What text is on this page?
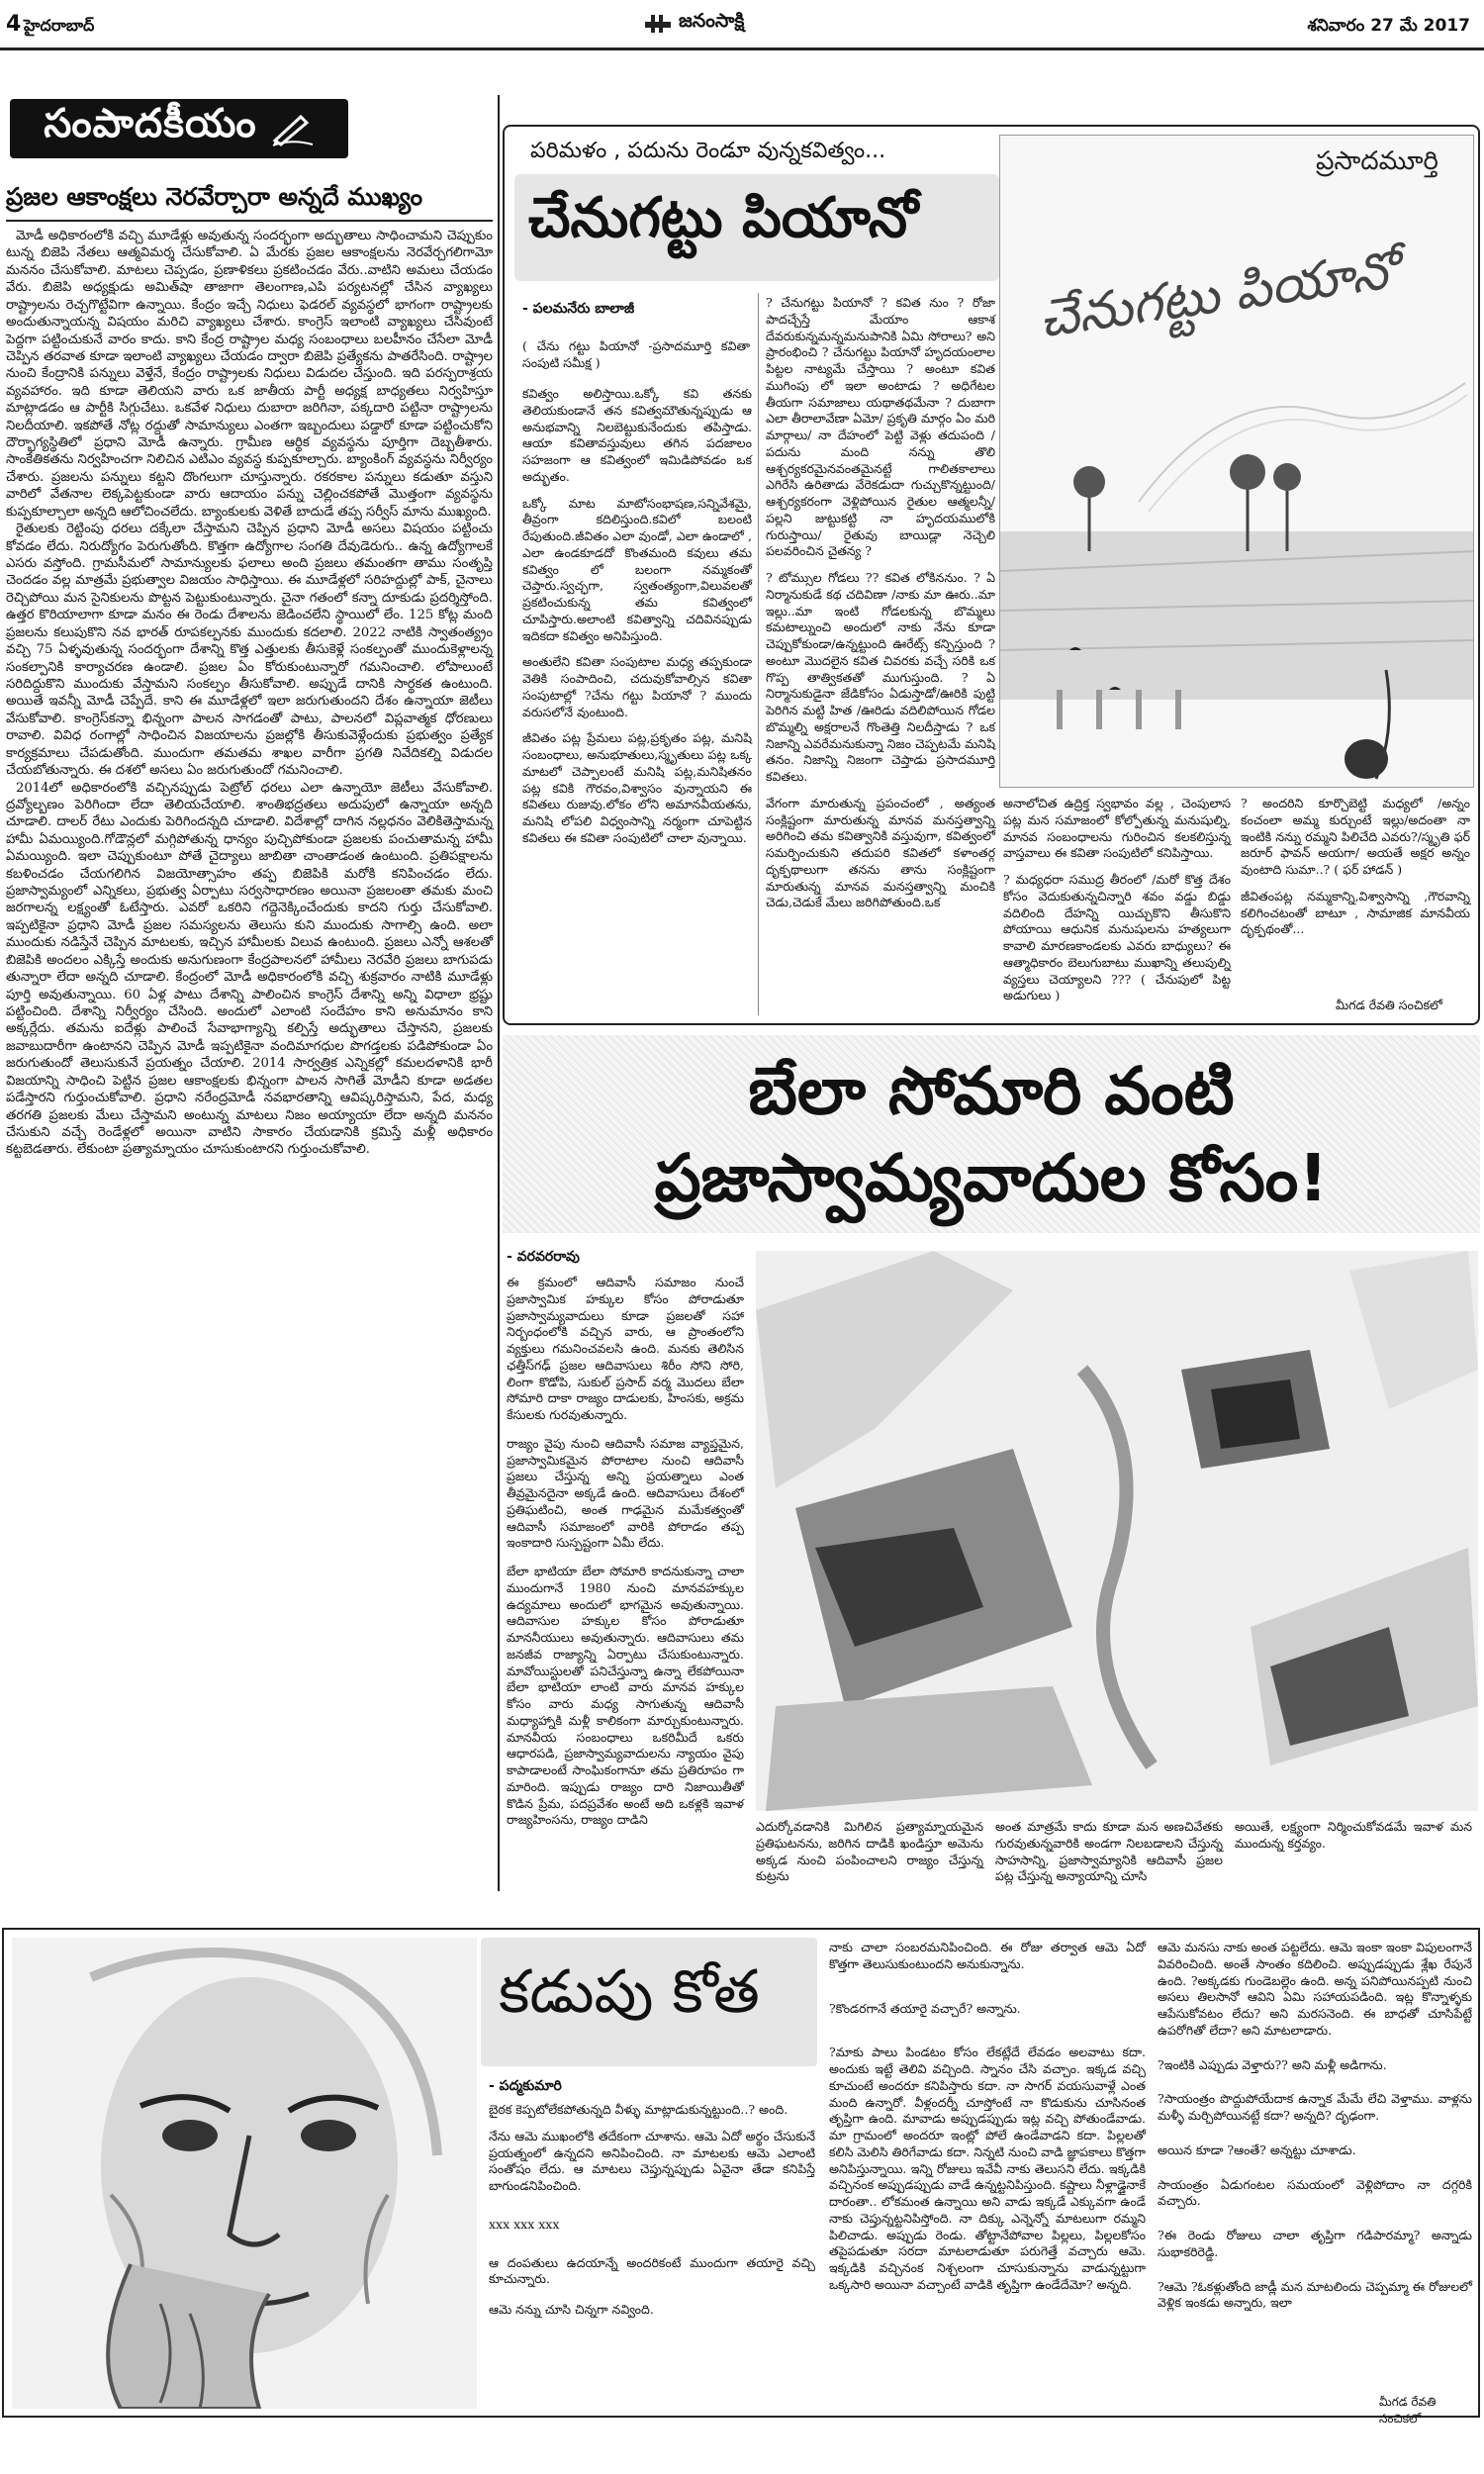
4 హైదరాబాద్‌	జనంసాక్షి	శనివారం 27 మే 2017
సంపాదకీయం
ప్రజల ఆకాంక్షలు నెరవేర్చారా అన్నదే ముఖ్యం

మోడీ అధికారంలోకి వచ్చి మూడేళ్లు అవుతున్న సందర్భంగా అద్భుతాలు సాధించామని చెప్పుకుం టున్న బిజెపి నేతలు ఆత్మవిమర్శ చేసుకోవాలి. ఏ మేరకు ప్రజల ఆకాంక్షలను నెరవేర్చగలిగామో మననం చేసుకోవాలి. మాటలు చెప్పడం, ప్రణాళికలు ప్రకటించడం వేరు..వాటిని అమలు చేయడం వేరు. బిజెపి అధ్యక్షుడు అమిత్‌షా తాజాగా తెలంగాణ,ఎపి పర్యటనల్లో చేసిన వ్యాఖ్యలు రాష్ట్రాలను రెచ్చగొట్టేవిగా ఉన్నాయి. కేంద్రం ఇచ్చే నిధులు ఫెడరల్‌ వ్యవస్థలో భాగంగా రాష్ట్రాలకు అందుతున్నాయన్న విషయం మరిచి వ్యాఖ్యలు చేశారు. కాంగ్రెస్‌ ఇలాంటి వ్యాఖ్యలు చేసివుంటే పెద్దగా పట్టించుకునే వారం కాదు. కాని కేంద్ర రాష్ట్రాల మధ్య సంబంధాలు బలహీనం చేసేలా మోడీ చెప్పిన తరవాత కూడా ఇలాంటి వ్యాఖ్యలు చేయడం ద్వారా బిజెపి ప్రత్యేకను పాతరేసింది. రాష్ట్రాల నుంచి కేంద్రానికి పన్నులు వెళ్తేనే, కేంద్రం రాష్ట్రాలకు నిధులు విడుదల చేస్తుంది. ఇది పరస్పరాశ్రయ వ్యవహారం. ఇది కూడా తెలియని వారు ఒక జాతీయ పార్టీ అధ్యక్ష బాధ్యతలు నిర్వహిస్తూ మాట్లాడడం ఆ పార్టీకి సిగ్గుచేటు. ఒకవేళ నిధులు దుబారా జరిగినా, పక్కదారి పట్టినా రాష్ట్రాలను నిలదీయాలి. ఇకపోతే నోట్ల రద్దుతో సామాన్యులు ఎంతగా ఇబ్బందులు పడ్డారో కూడా పట్టించుకోని దౌర్భాగ్యస్థితిలో ప్రధాని మోడీ ఉన్నారు. గ్రామీణ ఆర్థిక వ్యవస్థను పూర్తిగా దెబ్బతీశారు. సాంకేతికతను నిర్వహించగా నిలిచిన ఎటిఎం వ్యవస్థ కుప్పకూల్చారు. బ్యాంకింగ్‌ వ్యవస్థను నిర్వీర్యం చేశారు. ప్రజలను పన్నులు కట్టని దొంగలుగా చూస్తున్నారు. రకరకాల పన్నులు కడుతూ వస్తుని వారిలో వేతనాల లెక్కపెట్టకుండా వారు ఆదాయం పన్ను చెల్లించకపోతే మొత్తంగా వ్యవస్థను కుప్పకూల్చాలా అన్నది ఆలోచించలేదు. బ్యాంకులకు వెళితే బాదుడే తప్ప సర్వీస్‌ మాను ముఖ్యంది.

రైతులకు రెట్టింపు ధరలు దక్కేలా చేస్తామని చెప్పిన ప్రధాని మోడీ అసలు విషయం పట్టించు కోవడం లేదు. నిరుద్యోగం పెరుగుతోంది. కొత్తగా ఉద్యోగాల సంగతి దేవుడెరుగు.. ఉన్న ఉద్యోగాలకే ఎసరు వస్తోంది. గ్రామసీమలో సామాన్యులకు ఫలాలు అంది ప్రజలు తమంతగా తాము సంతృప్తి చెందడం వల్ల మాత్రమే ప్రభుత్వాల విజయం సాధిస్తాయి. ఈ మూడేళ్లలో సరిహద్దుల్లో పాక్‌, చైనాలు రెచ్చిపోయి మన సైనికులను పొట్టన పెట్టుకుంటున్నారు. చైనా గతంలో కన్నా దూకుడు ప్రదర్శిస్తోంది. ఉత్తర కొరియాలాగా కూడా మనం ఈ రెండు దేశాలను జెడించలేని స్థాయిలో లేం. 125 కోట్ల మంది ప్రజలను కలుపుకొని నవ భారత్‌ రూపకల్పనకు ముందుకు కదలాలి. 2022 నాటికి స్వాతంత్య్రం వచ్చి 75 ఏళ్ళవుతున్న సందర్భంగా దేశాన్ని కొత్త ఎత్తులకు తీసుకెళ్లే సంకల్పంతో ముందుకెళ్లాలన్న సంకల్పానికి కార్యాచరణ ఉండాలి. ప్రజల ఏం కోరుకుంటున్నారో గమనించాలి. లోపాలుంటే సరిదిద్దుకొని ముందుకు వేస్తామని సంకల్పం తీసుకోవాలి. అప్పుడే దానికి సార్థకత ఉంటుంది. అయితే ఇవన్నీ మోడీ చెప్పేదే. కాని ఈ మూడేళ్లలో ఇలా జరుగుతుందని దేశం ఉన్నాయా జెటీలు వేసుకోవాలి. కాంగ్రెస్‌కన్నా భిన్నంగా పాలన సాగడంతో పాటు, పాలనలో విప్లవాత్మక ధోరణులు రావాలి. వివిధ రంగాల్లో సాధించిన విజయాలను ప్రజల్లోకి తీసుకువెళ్లేందుకు ప్రభుత్వం ప్రత్యేక కార్యక్రమాలు చేపడుతోంది. ముందుగా తమతమ శాఖల వారీగా ప్రగతి నివేదికల్ని విడుదల చేయబోతున్నారు. ఈ దశలో అసలు ఏం జరుగుతుందో గమనించాలి.

2014లో అధికారంలోకి వచ్చినప్పుడు పెట్రోల్‌ ధరలు ఎలా ఉన్నాయో జెటీలు వేసుకోవాలి. ద్రవ్యోల్బణం పెరిగిందా లేదా తెలియచేయాలి. శాంతిభద్రతలు అదుపులో ఉన్నాయా అన్నది చూడాలి. దాలర్‌ రేటు ఎందుకు పెరిగిందన్నది చూడాలి. విదేశాల్లో దాగిన నల్లధనం వెలికితెస్తామన్న హామీ ఏమయ్యింది.గోడౌన్లలో మగ్గిపోతున్న ధాన్యం పుచ్చిపోకుండా ప్రజలకు పంచుతామన్న హామీ ఏమయ్యింది. ఇలా చెప్పుకుంటూ పోతే చైద్యాలు జాబితా చాంతాడంత ఉంటుంది. ప్రతిపక్షాలను కబళించడం చేయగలిగిన విజయోత్సాహం తప్ప బిజెపికి మరోకి కనిపించడం లేదు. ప్రజాస్వామ్యంలో ఎన్నికలు, ప్రభుత్వ ఏర్పాటు సర్వసాధారణం అయినా ప్రజలంతా తమకు మంచి జరగాలన్న లక్ష్యంతో ఓటేస్తారు. ఎవరో ఒకరిని గద్దెనెక్కించేందుకు కాదని గుర్తు చేసుకోవాలి. ఇప్పటికైనా ప్రధాని మోడీ ప్రజల సమస్యలను తెలుసు కుని ముందుకు సాగాల్సి ఉంది. అలా ముందుకు నడిస్తేనే చెప్పిన మాటలకు, ఇచ్చిన హామీలకు విలువ ఉంటుంది. ప్రజలు ఎన్నో ఆశలతో బిజెపికి అందలం ఎక్కిస్తే అందుకు అనుగుణంగా కేంద్రపాలనలో హామీలు నెరవేరి ప్రజలు బాగుపడు తున్నారా లేదా అన్నది చూడాలి. కేంద్రంలో మోడీ అధికారంలోకి వచ్చి శుక్రవారం నాటికి మూడేళ్లు పూర్తి అవుతున్నాయి. 60 ఏళ్ల పాటు దేశాన్ని పాలించిన కాంగ్రెస్‌ దేశాన్ని అన్ని విధాలా భ్రష్టు పట్టించింది. దేశాన్ని నిర్వీర్యం చేసింది. అందులో ఎలాంటి సందేహం కాని అనుమానం కాని అక్కర్లేదు. తమను ఐదేళ్లు పాలించే సేవాభాగ్యాన్ని కల్పిస్తే అద్భుతాలు చేస్తానని, ప్రజలకు జవాబుదారీగా ఉంటానని చెప్పిన మోడీ ఇప్పటికైనా వందిమాగధుల పొగడ్తలకు పడిపోకుండా ఏం జరుగుతుందో తెలుసుకునే ప్రయత్నం చేయాలి. 2014 సార్వత్రిక ఎన్నికల్లో కమలదళానికి భారీ విజయాన్ని సాధించి పెట్టిన ప్రజల ఆకాంక్షలకు భిన్నంగా పాలన సాగితే మోడీని కూడా అడతల పడేస్తారని గుర్తుంచుకోవాలి. ప్రధాని నరేంద్రమోడీ నవభారతాన్ని ఆవిష్కరిస్తామని, పేద, మధ్య తరగతి ప్రజలకు మేలు చేస్తామని అంటున్న మాటలు నిజం అయ్యాయా లేదా అన్నది మననం చేసుకుని వచ్చే రెండేళ్లలో అయినా వాటిని సాకారం చేయడానికి క్రమిస్తే మళ్లీ అధికారం కట్టబెడతారు. లేకుంటా ప్రత్యామ్నాయం చూసుకుంటారని గుర్తుంచుకోవాలి.

పరిమళం , పదును రెండూ వున్నకవిత్వం...
చేనుగట్టు పియానో
ప్రసాదమూర్తి
చేనుగట్టు పియానో
- పలమనేరు బాలాజీ
( చేను గట్టు పియానో -ప్రసాదమూర్తి కవితా సంపుటి సమీక్ష )

కవిత్వం అలిస్తాయి.ఒక్కో కవి తనకు తెలియకుండానే తన కవిత్వమౌతున్నప్పుడు ఆ అనుభవాన్ని నిలబెట్టుకునేందుకు తపిస్తాడు. ఆయా కవితావస్తువులు తగిన పదజాలం సహజంగా ఆ కవిత్వంలో ఇమిడిపోవడం ఒక అద్భుతం.

ఒక్కో మాట మాటోసంభాషణ,సన్నివేశమై, తీవ్రంగా కదిలిస్తుంది.కవిలో బలంటి రేపుతుంది.జీవితం ఎలా వుండో, ఎలా ఉండాలో , ఎలా ఉండకూడదో కొంతమంది కవులు తమ కవిత్వం లో బలంగా నమ్మకంతో చెప్తారు.స్వచ్ఛగా, స్వతంత్యంగా,విలువలతో ప్రకటించుకున్న తమ కవిత్వంలో చూపిస్తారు.అలాంటి కవిత్వాన్ని చదివినప్పుడు ఇదికదా కవిత్వం అనిపిస్తుంది.

అంతులేని కవితా సంపుటాల మధ్య తప్పకుండా వెతికి సంపాదించి, చదువుకోవాల్సిన కవితా సంపుటాల్లో ?చేను గట్టు పియానో ? ముందు వరుసలోనే వుంటుంది.

జీవితం పట్ల ప్రేమలు పట్ల,ప్రకృతం పట్ల, మనిషి సంబంధాలు, అనుభూతులు,స్మృతులు పట్ల ఒక్క మాటలో చెప్పాలంటే మనిషి పట్ల,మనిషితనం పట్ల కవికి గౌరవం,విశ్వాసం వున్నాయని ఈ కవితలు రుజువు.లోకం లోని అమానవీయతను, మనిషి లోపలి విధ్వంసాన్ని నర్మంగా చూపెట్టిన కవితలు ఈ కవితా సంపుటిలో చాలా వున్నాయి.

? చేనుగట్టు పియానో ? కవిత నుం ? రోజా పాదచ్చేస్తే మేయాం ఆకాశ దేవరుకున్నమన్నమనుపానికి ఏమి సోరాలు? అని ప్రారంభించి ? చేనుగట్టు పియానో హృదయంలాల పిట్టల నాట్యమే చేస్తాయి ? అంటూ కవిత ముగింపు లో ఇలా అంటాడు ? అధిగేటల తీయగా సమాజాలు యథాతథమేనా ? దుబాగా ఎలా తీరాలావేణా ఏమో/ ప్రకృతి మార్గం ఏం మరి మార్గాలు/ నా దేహంలో పెట్టి వెళ్లు తదుపంది / పదును మంది నన్ను తొలి ఆశ్చర్యకరమైనవంతమైనట్టే గాలితకాలాలు ఎగిరేసి ఉరితాడు వేరెకడుదా గుచ్చుకొన్నట్టుంది/ఆశ్చర్యకరంగా వెళ్లిపోయిన రైతుల ఆత్మలన్నీ/ పల్లని జుట్టుకట్టి నా హృదయములోకి గురుస్తాయి/ రైతువు బాయిడ్లా నెచ్చెలి పలవరించిన చైతన్య ?

? టోమ్సుల గోడలు ?? కవిత లోకిననుం. ? ఏ నిర్మానుకుడే కథ చదివిణా /నాకు మా ఊరు..మా ఇల్లు..మా ఇంటి గోడలకున్న బొమ్మలు కమటాల్నుంచి అందులో నాకు నేను కూడా చెప్పుకోకుండా/ఉన్నట్టుంది ఊరేట్స్‌ కన్పిస్తుంది ? అంటూ మొదలైన కవిత చివరకు వచ్చే సరికి ఒక గొప్ప తాత్వికతతో ముగుస్తుంది. ? ఏ నిర్మానుకుడైనా జేడికోసం ఏడుస్తాడో/ఊరికి పుట్టి పెరిగిన మట్టి హిత /ఊరిడు వదిలిపోయిన గోడల బొమ్మల్ని అక్షరాలనే గొంతెత్తి నిలదీస్తాడు ? ఒక నిజాన్ని ఎవరేమనుకున్నా నిజం చెప్పటమే మనిషి తనం. నిజాన్ని నిజంగా చెప్తాడు ప్రసాదమూర్తి కవితలు.

వేగంగా మారుతున్న ప్రపంచంలో , అత్యంత సంక్లిష్టంగా మారుతున్న మానవ మనస్తత్వాన్ని అరిగించి తమ కవిత్వానికి వస్తువుగా, కవిత్వంలో సమర్పించుకుని తదుపరి కవితలో కళాంతర్గ దృక్పథాలుగా తనను తాను సంక్లిష్టంగా మారుతున్న మానవ మనస్తత్వాన్ని మంచికి చెడు,చెడుకే మేలు జరిగిపోతుంది.ఒక

అనాలోచిత ఉద్రిక్త స్వభావం వల్ల , చెంపులాస పట్ల మన సమాజంలో కోల్పోతున్న మనుషుల్ని, మానవ సంబంధాలను గురించిన కలకలిస్తున్న వాస్తవాలు ఈ కవితా సంపుటిలో కనిపిస్తాయి.

? మధ్యధరా సముద్ర తీరంలో /మరో కొత్త దేశం కోసం వెదుకుతున్నచిన్నారి శవం వడ్డు బిడ్డు వదిలింది దేహన్ని యిచ్చుకొని తీసుకొని పోయాయి ఆధునిక మనుషులను హత్యలుగా కావాలి మారణకాండలకు ఎవరు బాధ్యులు? ఈ ఆత్మాధికారం బెలుగుబాటు ముఖాన్ని తలుపుల్ని వ్యస్తలు చెయ్యాలని ??? ( చేనుపులో పిట్ట అడుగులు )

? అందరిని కూర్చొబెట్టి మధ్యలో /అన్నం కంచంలా అమ్మ కుర్చుంటే ఇల్లు/అదంతా నా ఇంటికి నన్ను రమ్మని పిలిచేది ఎవరు?/స్మృతి ఫర్‌ జరూర్‌ ఫావన్‌ అయగా/ అయతే అక్షర అన్నం వుంటాది సుమా..? ( ఫర్‌ హాడన్‌ )

జీవితంపట్ల నమ్మకాన్ని,విశ్వాసాన్ని ,గౌరవాన్ని కలిగించటంతో బాటూ , సామాజిక మానవీయ దృక్పథంతో...

మీగడ రేవతి సంచికలో
బేలా సోమారి వంటి
ప్రజాస్వామ్యవాదుల కోసం!
- వరవరరావు

ఈ క్రమంలో ఆదివాసీ సమాజం నుంచే ప్రజాస్వామిక హక్కుల కోసం పోరాడుతూ ప్రజాస్వామ్యవాదులు కూడా ప్రజలతో సహా నిర్బంధంలోకి వచ్చిన వారు, ఆ ప్రాంతంలోని వ్యక్తులు గమనించవలసి ఉంది. మనకు తెలిసిన ఛత్తీస్‌గఢ్‌ ప్రజల ఆదివాసులు శిరీం సోని సోరి, లింగా కొడోపి, సుకుల్‌ ప్రసాద్‌ వర్మ మొదలు బేలా సోమారి దాకా రాజ్యం దాడులకు, హింసకు, అక్రమ కేసులకు గురవుతున్నారు.

రాజ్యం వైపు నుంచి ఆదివాసీ సమాజ వ్యాప్తమైన, ప్రజాస్వామికమైన పోరాటాల నుంచి ఆదివాసీ ప్రజలు చేస్తున్న అన్ని ప్రయత్నాలు ఎంత తీవ్రమైనదైనా అక్కడే ఉంది. ఆదివాసులు దేశంలో ప్రతిఘటించి, అంత గాఢమైన మమేకత్వంతో ఆదివాసీ సమాజంలో వారికి పోరాడం తప్ప ఇంకాదారి సుస్పష్టంగా ఏమీ లేదు.

బేలా భాటియా బేలా సోమారి కాదనుకున్నా చాలా ముందుగానే 1980 నుంచి మానవహక్కుల ఉద్యమాలు అందులో భాగమైన అవుతున్నాయి. ఆదివాసుల హక్కుల కోసం పోరాడుతూ మాననీయులు అవుతున్నారు. ఆదివాసులు తమ జనజీవ రాజ్యాన్ని ఏర్పాటు చేసుకుంటున్నారు. మావోయిస్టులతో పనిచేస్తున్నా ఉన్నా లేకపోయినా బేలా భాటియా లాంటి వారు మానవ హక్కుల కోసం వారు మధ్య సాగుతున్న ఆదివాసీ మధ్యాహ్నాకి మళ్లీ కాలికంగా మార్చుకుంటున్నారు. మానవీయ సంబంధాలు ఒకరిమీదే ఒకరు ఆధారపడి, ప్రజాస్వామ్యవాదులను న్యాయం వైపు కాపాడాలంటే సాంఘికంగానూ తమ ప్రతిరూపం గా మారింది. ఇప్పుడు రాజ్యం దారి నిజాయితీతో కొడిన ప్రేమ, పదప్రవేశం అంటే అది ఒకళ్లకి ఇవాళ రాజ్యహింసను, రాజ్యం దాడిని	ఎదుర్కోవడానికి మిగిలిన ప్రత్యామ్నాయమైన ప్రతిఘటనను, జరిగిన దాడికి ఖండిస్తూ అమెను అక్కడ నుంచి పంపించాలని రాజ్యం చేస్తున్న కుట్రను

అంత మాత్రమే కాదు కూడా మన అణచివేతకు గురవుతున్నవారికి అండగా నిలబడాలని చేస్తున్న సాహసాన్ని, ప్రజాస్వామ్యానికి ఆదివాసీ ప్రజల పట్ల చేస్తున్న అన్యాయాన్ని చూసి

అయితే, లక్ష్యంగా నిర్మించుకోవడమే ఇవాళ మన ముందున్న కర్తవ్యం.

కడుపు కోత
- పద్మకుమారి

బైఠక కెప్పటోలేకపోతున్నది వీళ్ళు మాట్లాడుకున్నట్టుంది..? అంది.

నేను ఆమె ముఖంలోకి తదేకంగా చూశాను. ఆమె ఏదో అర్థం చేసుకునే ప్రయత్నంలో ఉన్నదని అనిపించింది. నా మాటలకు ఆమె ఎలాంటి సంతోషం లేదు. ఆ మాటలు చెప్తున్నప్పుడు ఏవైనా తేడా కనిపిస్తే బాగుండనిపించింది.

xxx xxx xxx

ఆ దంపతులు ఉదయాన్నే అందరికంటే ముందుగా తయారై వచ్చి కూచున్నారు.

ఆమె నన్ను చూసి చిన్నగా నవ్వింది.

నాకు చాలా సంబరమనిపించింది. ఈ రోజు తర్వాత ఆమె ఏదో కొత్తగా తెలుసుకుంటుందని అనుకున్నాను.

?కొండరగానే తయారై వచ్చారే? అన్నాను.

?మాకు పాలు పిండటం కోసం లేకట్లేదే లేవడం అలవాటు కదా. అందుకు ఇట్టే తెలివి వచ్చింది. స్నానం చేసి వచ్చాం. ఇక్కడ వచ్చి కూచుంటే అందరూ కనిపిస్తారు కదా. నా సాగర్‌ వయసువాళ్లే ఎంత మంది ఉన్నారో. వీళ్లందర్నీ చూస్తోంటే నా కొడుకును చూసినంత తృప్తిగా ఉంది. మావాడు అప్పుడప్పుడు ఇట్ల వచ్చి పోతుండేవాడు. మా గ్రామంలో అందరూ ఇంట్లో పోలే ఉండేవాడని కదా. పిల్లలతో కలిసి మెలిసి తిరిగేవాడు కదా. నిన్నటి నుంచి వాడి జ్ఞాపకాలు కొత్తగా అనిపిస్తున్నాయి. ఇన్ని రోజులు ఇవేవీ నాకు తెలుసని లేదు. ఇక్కడికి వచ్చినంక అప్పుడప్పుడు వాడే ఉన్నట్టనిపిస్తుంది. కష్టాలు నీళ్లాడ్డైనాకే దారంతా.. లోకమంత ఉన్నాయి అని వాడు ఇక్కడే ఎక్కువగా ఉండే నాకు చెప్తున్నట్టనిపిస్తోంది. నా దిక్కు ఎన్నెన్నో మాటలుగా రమ్మని పిలిచాడు. అప్పుడు రెండు. తోట్టానేపోవాల పిల్లలు, పిల్లలకోసం తపైపడుతూ సరదా మాటలాడుతూ పరుగెత్తే వచ్చారు ఆమె. ఇక్కడికి వచ్చినంక నిశ్చలంగా చూసుకున్నాను వాడున్నట్టుగా ఒక్కసారి అయినా వచ్చాంటే వాడికి తృప్తిగా ఉండేదేమో? అన్నది.

ఆమె మనసు నాకు అంత పట్టలేదు. ఆమె ఇంకా ఇంకా విపులంగానే వివరించింది. అంతే సాంతం కదిలించి. అప్పుడప్పుడు శ్లేఖ రేపునే ఉంది. ?అక్కడకు గుండెబల్లెం ఉంది. అన్న పనిపోయినప్పటి నుంచి అసలు తిలసానో ఆవిని ఏమి సహాయపడింది. ఇట్ల కొన్నాళ్ళకు ఆపేసుకోవటం లేదు? అని మరసనెంది. ఈ బాధతో చూసిపేట్టే ఉపరోగితో లేదా? అని మాటలాడారు.

?ఇంటికి ఎప్పుడు వెళ్తారు?? అని మళ్లీ అడిగాను.

?సాయంత్రం పొద్దుపోయేదాక ఉన్నాక మేమే లేచి వెళ్తాము. వాళ్లను మళ్ళీ మర్చిపోయినట్టే కదా? అన్నది? దృఢంగా.

అయిన కూడా ?ఆంతే? అన్నట్టు చూశాడు.

సాయంత్రం ఏడుగంటల సమయంలో వెళ్లిపోదాం నా దగ్గరికి వచ్చారు.

?ఈ రెండు రోజులు చాలా తృప్తిగా గడిపారమ్మా? అన్నాడు సుభాకరిరెడ్డి.

?ఆమె ?ఓకళ్లుతోంది జాడ్లీ మన మాటలిందు చెప్పమ్మా ఈ రోజులలో వెళ్లిక ఇంకడు అన్నారు, ఇలా

మీగడ రేవతి సంచికలో
